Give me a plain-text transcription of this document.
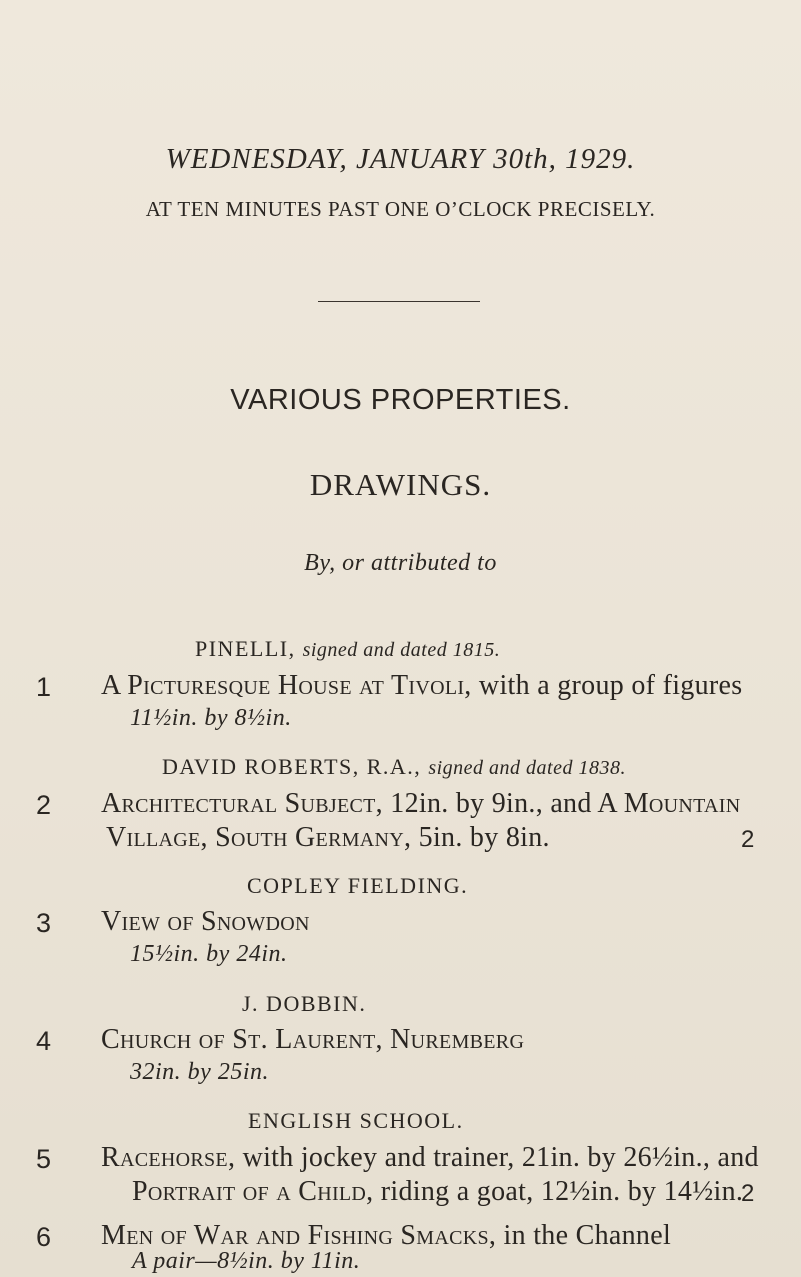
WEDNESDAY, JANUARY 30th, 1929.
AT TEN MINUTES PAST ONE O’CLOCK PRECISELY.
VARIOUS PROPERTIES.
DRAWINGS.
By, or attributed to
PINELLI, signed and dated 1815.
1 A Picturesque House at Tivoli, with a group of figures
11½in. by 8½in.
DAVID ROBERTS, R.A., signed and dated 1838.
2 Architectural Subject, 12in. by 9in., and A Mountain
Village, South Germany, 5in. by 8in.	2
COPLEY FIELDING.
3 View of Snowdon
15½in. by 24in.
J. DOBBIN.
4 Church of St. Laurent, Nuremberg
32in. by 25in.
ENGLISH SCHOOL.
5 Racehorse, with jockey and trainer, 21in. by 26½in., and
Portrait of a Child, riding a goat, 12½in. by 14½in.
2
6 Men of War and Fishing Smacks, in the Channel
A pair—8½in. by 11in.
